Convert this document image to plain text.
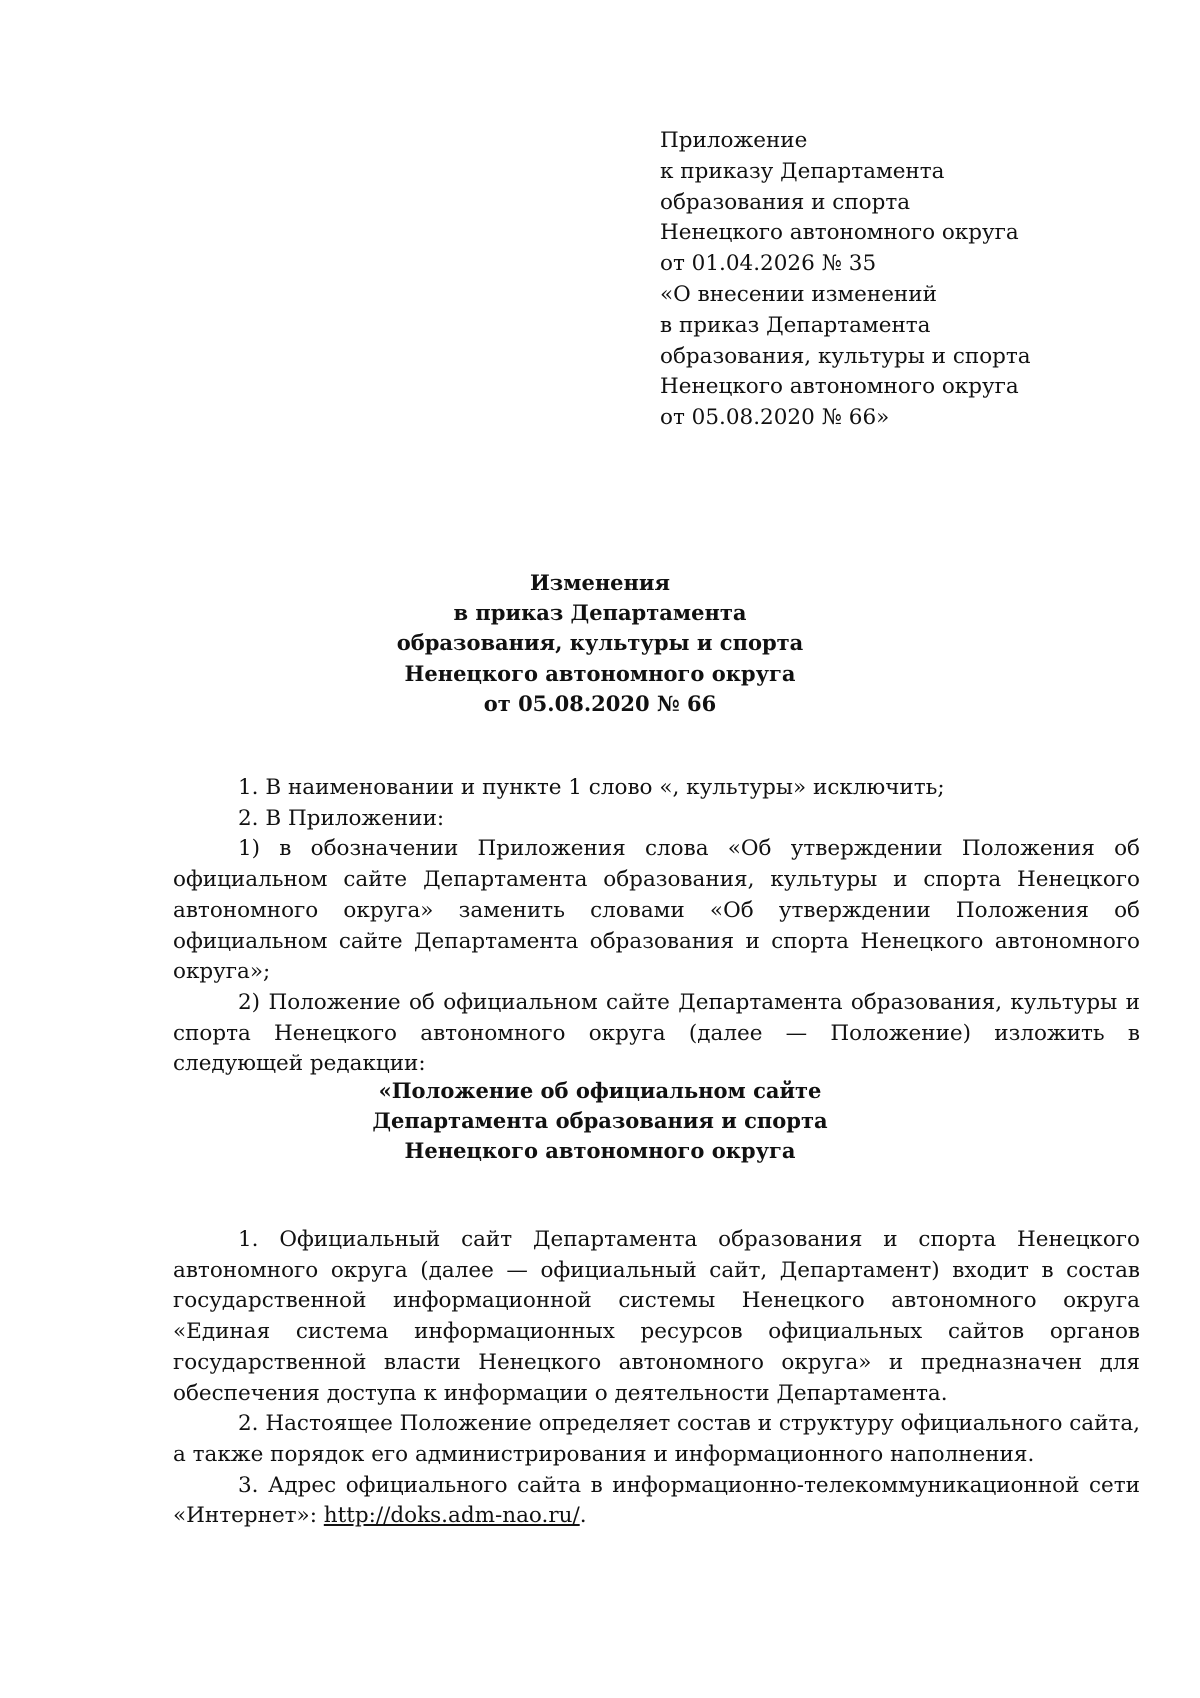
Приложение
к приказу Департамента
образования и спорта
Ненецкого автономного округа
от 01.04.2026 № 35
«О внесении изменений
в приказ Департамента
образования, культуры и спорта
Ненецкого автономного округа
от 05.08.2020 № 66»
Изменения
в приказ Департамента
образования, культуры и спорта
Ненецкого автономного округа
от 05.08.2020 № 66

1. В наименовании и пункте 1 слово «, культуры» исключить;

2. В Приложении:

1) в обозначении Приложения слова «Об утверждении Положения об официальном сайте Департамента образования, культуры и спорта Ненецкого автономного округа» заменить словами «Об утверждении Положения об официальном сайте Департамента образования и спорта Ненецкого автономного округа»;

2) Положение об официальном сайте Департамента образования, культуры и спорта Ненецкого автономного округа (далее — Положение) изложить в следующей редакции:

«Положение об официальном сайте
Департамента образования и спорта
Ненецкого автономного округа

1. Официальный сайт Департамента образования и спорта Ненецкого автономного округа (далее — официальный сайт, Департамент) входит в состав государственной информационной системы Ненецкого автономного округа «Единая система информационных ресурсов официальных сайтов органов государственной власти Ненецкого автономного округа» и предназначен для обеспечения доступа к информации о деятельности Департамента.

2. Настоящее Положение определяет состав и структуру официального сайта, а также порядок его администрирования и информационного наполнения.

3. Адрес официального сайта в информационно-телекоммуникационной сети «Интернет»: http://doks.adm-nao.ru/.
